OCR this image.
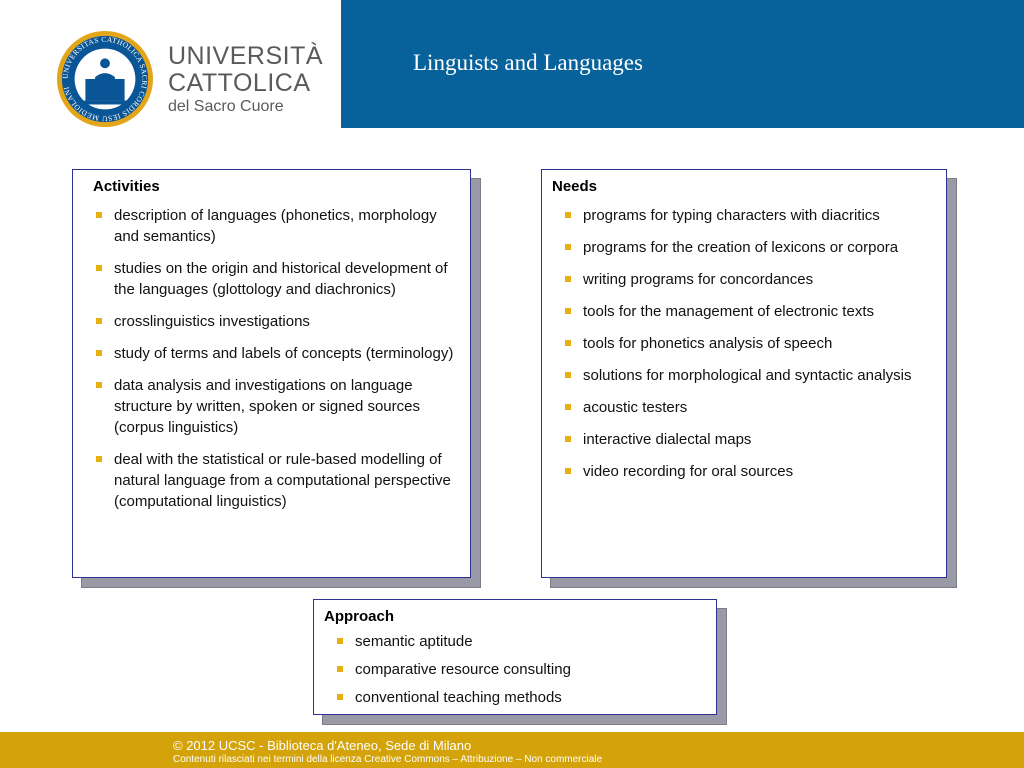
UNIVERSITAS CATHOLICA SACRI CORDIS IESU MEDIOLANI
UNIVERSITÀ
CATTOLICA
del Sacro Cuore
Linguists and Languages
Activities
description of languages (phonetics, morphology and semantics)
studies on the origin and historical development of the languages (glottology and diachronics)
crosslinguistics investigations
study of terms and labels of concepts (terminology)
data analysis and investigations on language structure by written, spoken or signed sources (corpus linguistics)
deal with the statistical or rule-based modelling of natural language from a computational perspective (computational linguistics)
Needs
programs for typing characters with diacritics
programs for the creation of lexicons or corpora
writing programs for concordances
tools for the management of electronic texts
tools for phonetics analysis of speech
solutions for morphological and syntactic analysis
acoustic testers
interactive dialectal maps
video recording for oral sources
Approach
semantic aptitude
comparative resource consulting
conventional teaching methods
© 2012 UCSC - Biblioteca d'Ateneo, Sede di Milano
Contenuti rilasciati nei termini della licenza Creative Commons – Attribuzione – Non commerciale
